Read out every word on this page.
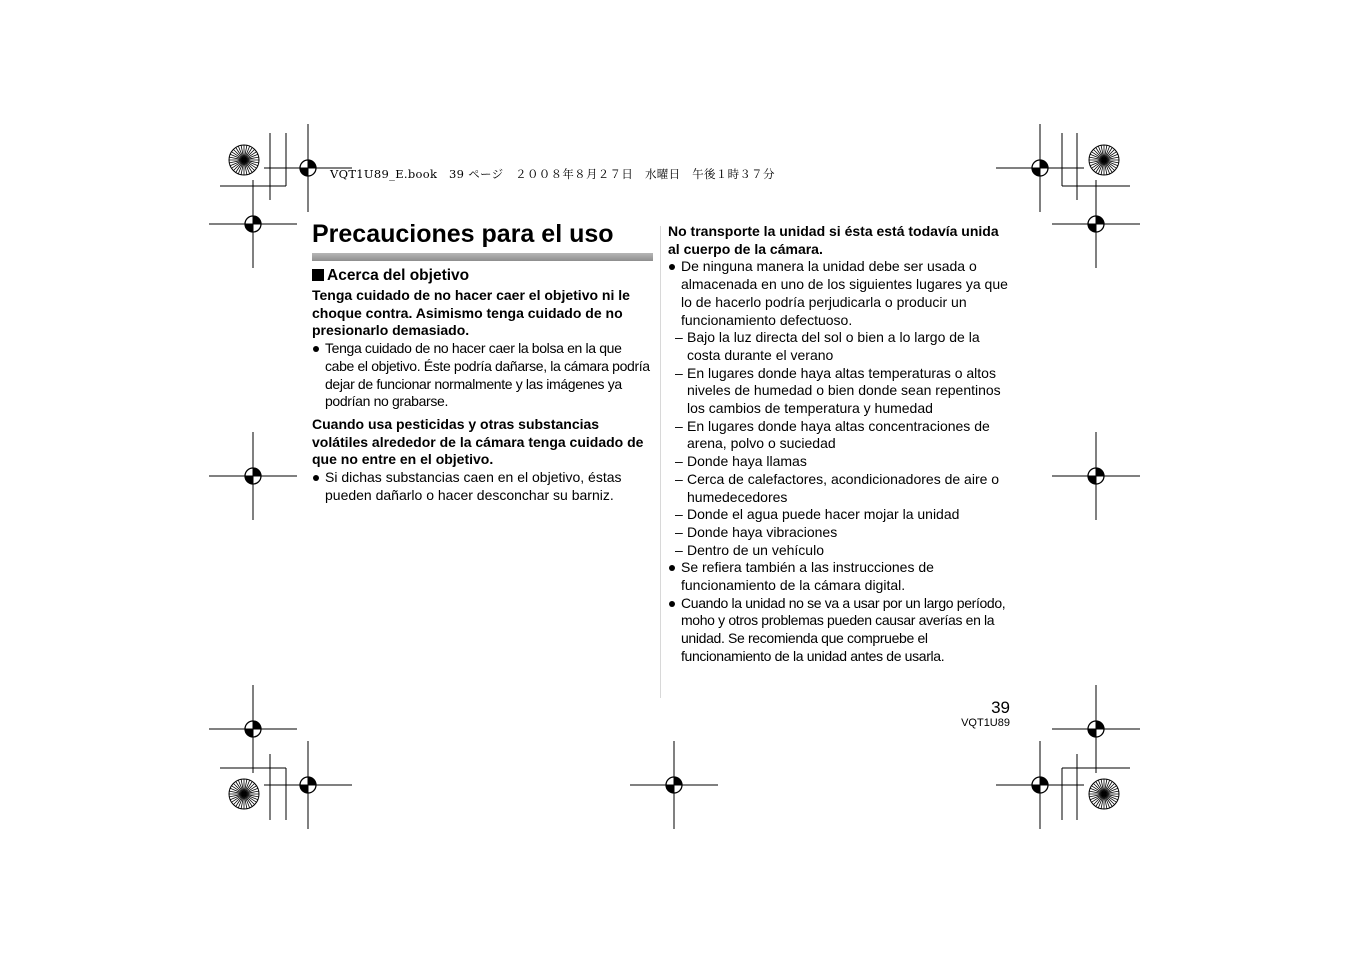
VQT1U89_E.book　39 ページ　２００８年８月２７日　水曜日　午後１時３７分
Precauciones para el uso
Acerca del objetivo

Tenga cuidado de no hacer caer el objetivo ni le choque contra. Asimismo tenga cuidado de no presionarlo demasiado.

Tenga cuidado de no hacer caer la bolsa en la que cabe el objetivo. Éste podría dañarse, la cámara podría dejar de funcionar normalmente y las imágenes ya podrían no grabarse.

Cuando usa pesticidas y otras substancias volátiles alrededor de la cámara tenga cuidado de que no entre en el objetivo.

Si dichas substancias caen en el objetivo, éstas pueden dañarlo o hacer desconchar su barniz.

No transporte la unidad si ésta está todavía unida al cuerpo de la cámara.

De ninguna manera la unidad debe ser usada o almacenada en uno de los siguientes lugares ya que lo de hacerlo podría perjudicarla o producir un funcionamiento defectuoso.
– Bajo la luz directa del sol o bien a lo largo de la costa durante el verano
– En lugares donde haya altas temperaturas o altos niveles de humedad o bien donde sean repentinos los cambios de temperatura y humedad
– En lugares donde haya altas concentraciones de arena, polvo o suciedad
– Donde haya llamas
– Cerca de calefactores, acondicionadores de aire o humedecedores
– Donde el agua puede hacer mojar la unidad
– Donde haya vibraciones
– Dentro de un vehículo
Se refiera también a las instrucciones de funcionamiento de la cámara digital.
Cuando la unidad no se va a usar por un largo período, moho y otros problemas pueden causar averías en la unidad. Se recomienda que compruebe el funcionamiento de la unidad antes de usarla.
39
VQT1U89
